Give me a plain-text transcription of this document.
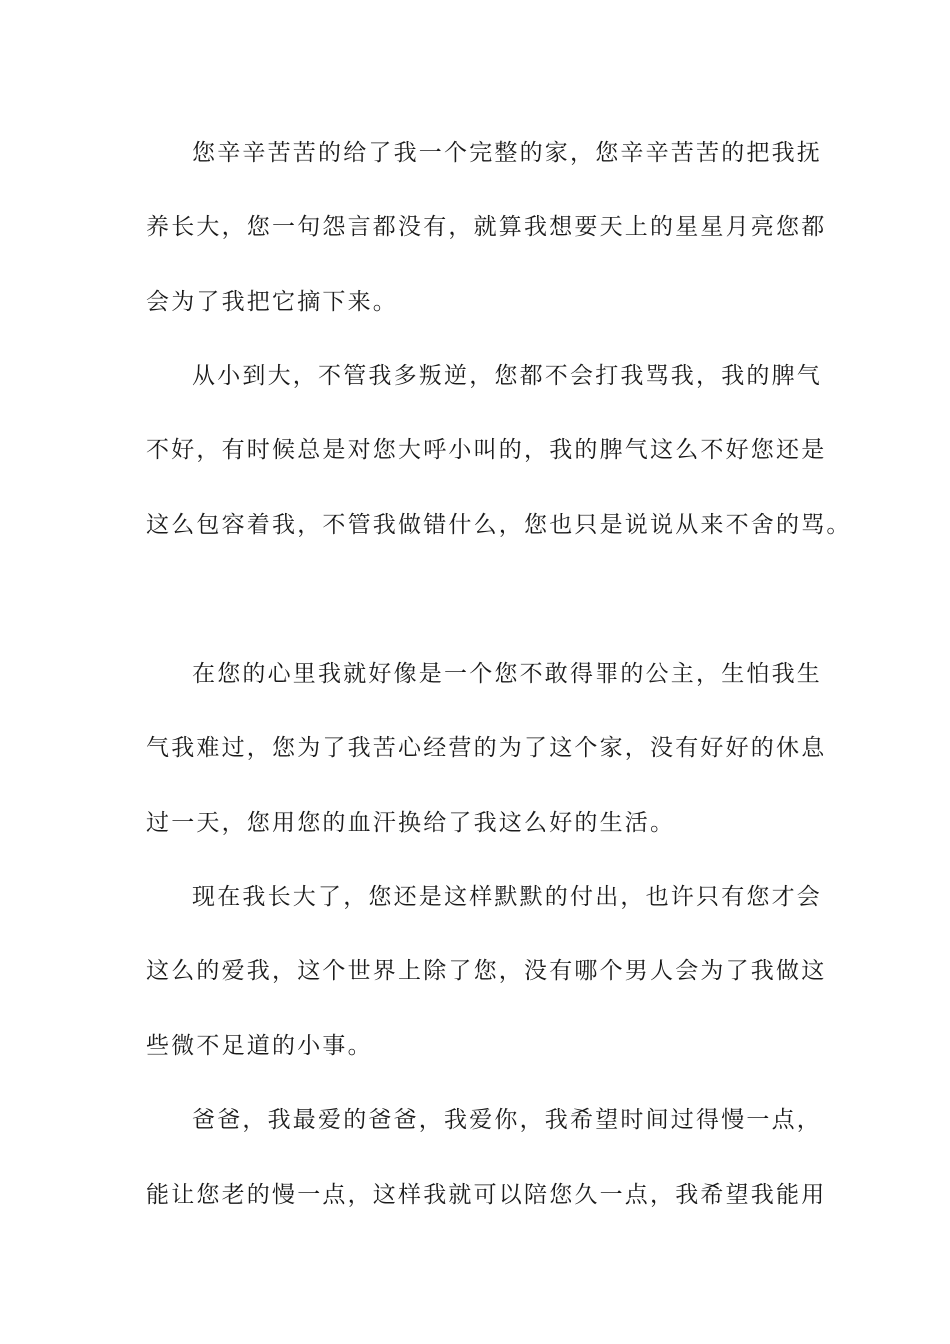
您辛辛苦苦的给了我一个完整的家，您辛辛苦苦的把我抚
养长大，您一句怨言都没有，就算我想要天上的星星月亮您都
会为了我把它摘下来。
从小到大，不管我多叛逆，您都不会打我骂我，我的脾气
不好，有时候总是对您大呼小叫的，我的脾气这么不好您还是
这么包容着我，不管我做错什么，您也只是说说从来不舍的骂。
在您的心里我就好像是一个您不敢得罪的公主，生怕我生
气我难过，您为了我苦心经营的为了这个家，没有好好的休息
过一天，您用您的血汗换给了我这么好的生活。
现在我长大了，您还是这样默默的付出，也许只有您才会
这么的爱我，这个世界上除了您，没有哪个男人会为了我做这
些微不足道的小事。
爸爸，我最爱的爸爸，我爱你，我希望时间过得慢一点，
能让您老的慢一点，这样我就可以陪您久一点，我希望我能用
